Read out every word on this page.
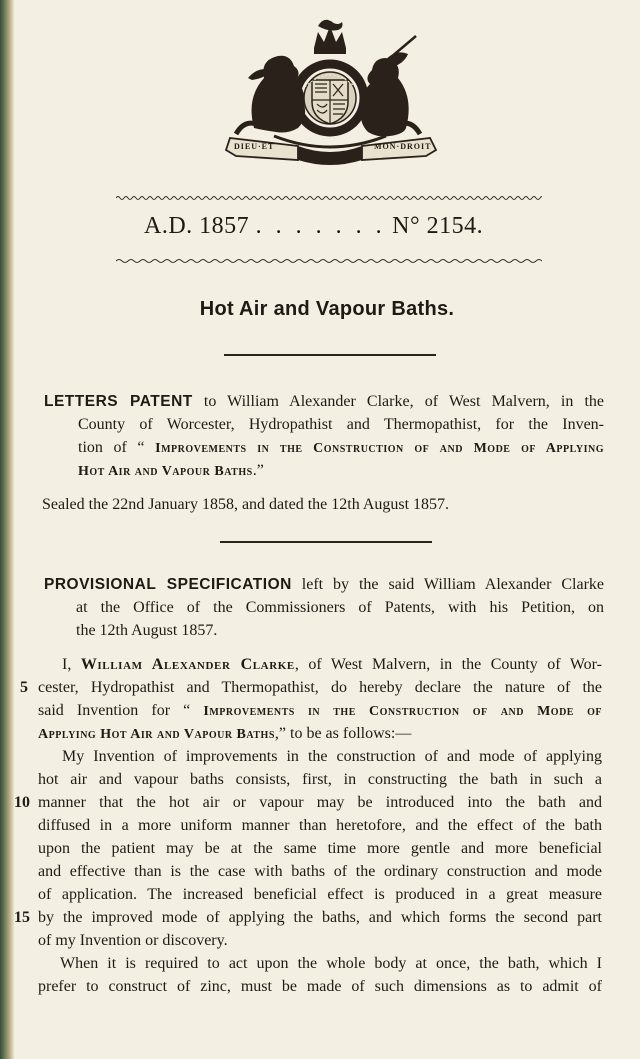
DIEU·ET	MON·DROIT
A.D. 1857 . . . . . . . N° 2154.
Hot Air and Vapour Baths.
LETTERS PATENT to William Alexander Clarke, of West Malvern, in the
County of Worcester, Hydropathist and Thermopathist, for the Inven-
tion of “ Improvements in the Construction of and Mode of Applying
Hot Air and Vapour Baths.”
Sealed the 22nd January 1858, and dated the 12th August 1857.
PROVISIONAL SPECIFICATION left by the said William Alexander Clarke
at the Office of the Commissioners of Patents, with his Petition, on
the 12th August 1857.
I, William Alexander Clarke, of West Malvern, in the County of Wor-
cester, Hydropathist and Thermopathist, do hereby declare the nature of the
said Invention for “ Improvements in the Construction of and Mode of
Applying Hot Air and Vapour Baths,” to be as follows:—
My Invention of improvements in the construction of and mode of applying
hot air and vapour baths consists, first, in constructing the bath in such a
manner that the hot air or vapour may be introduced into the bath and
diffused in a more uniform manner than heretofore, and the effect of the bath
upon the patient may be at the same time more gentle and more beneficial
and effective than is the case with baths of the ordinary construction and mode
of application. The increased beneficial effect is produced in a great measure
by the improved mode of applying the baths, and which forms the second part
of my Invention or discovery.
When it is required to act upon the whole body at once, the bath, which I
prefer to construct of zinc, must be made of such dimensions as to admit of
5
10
15
